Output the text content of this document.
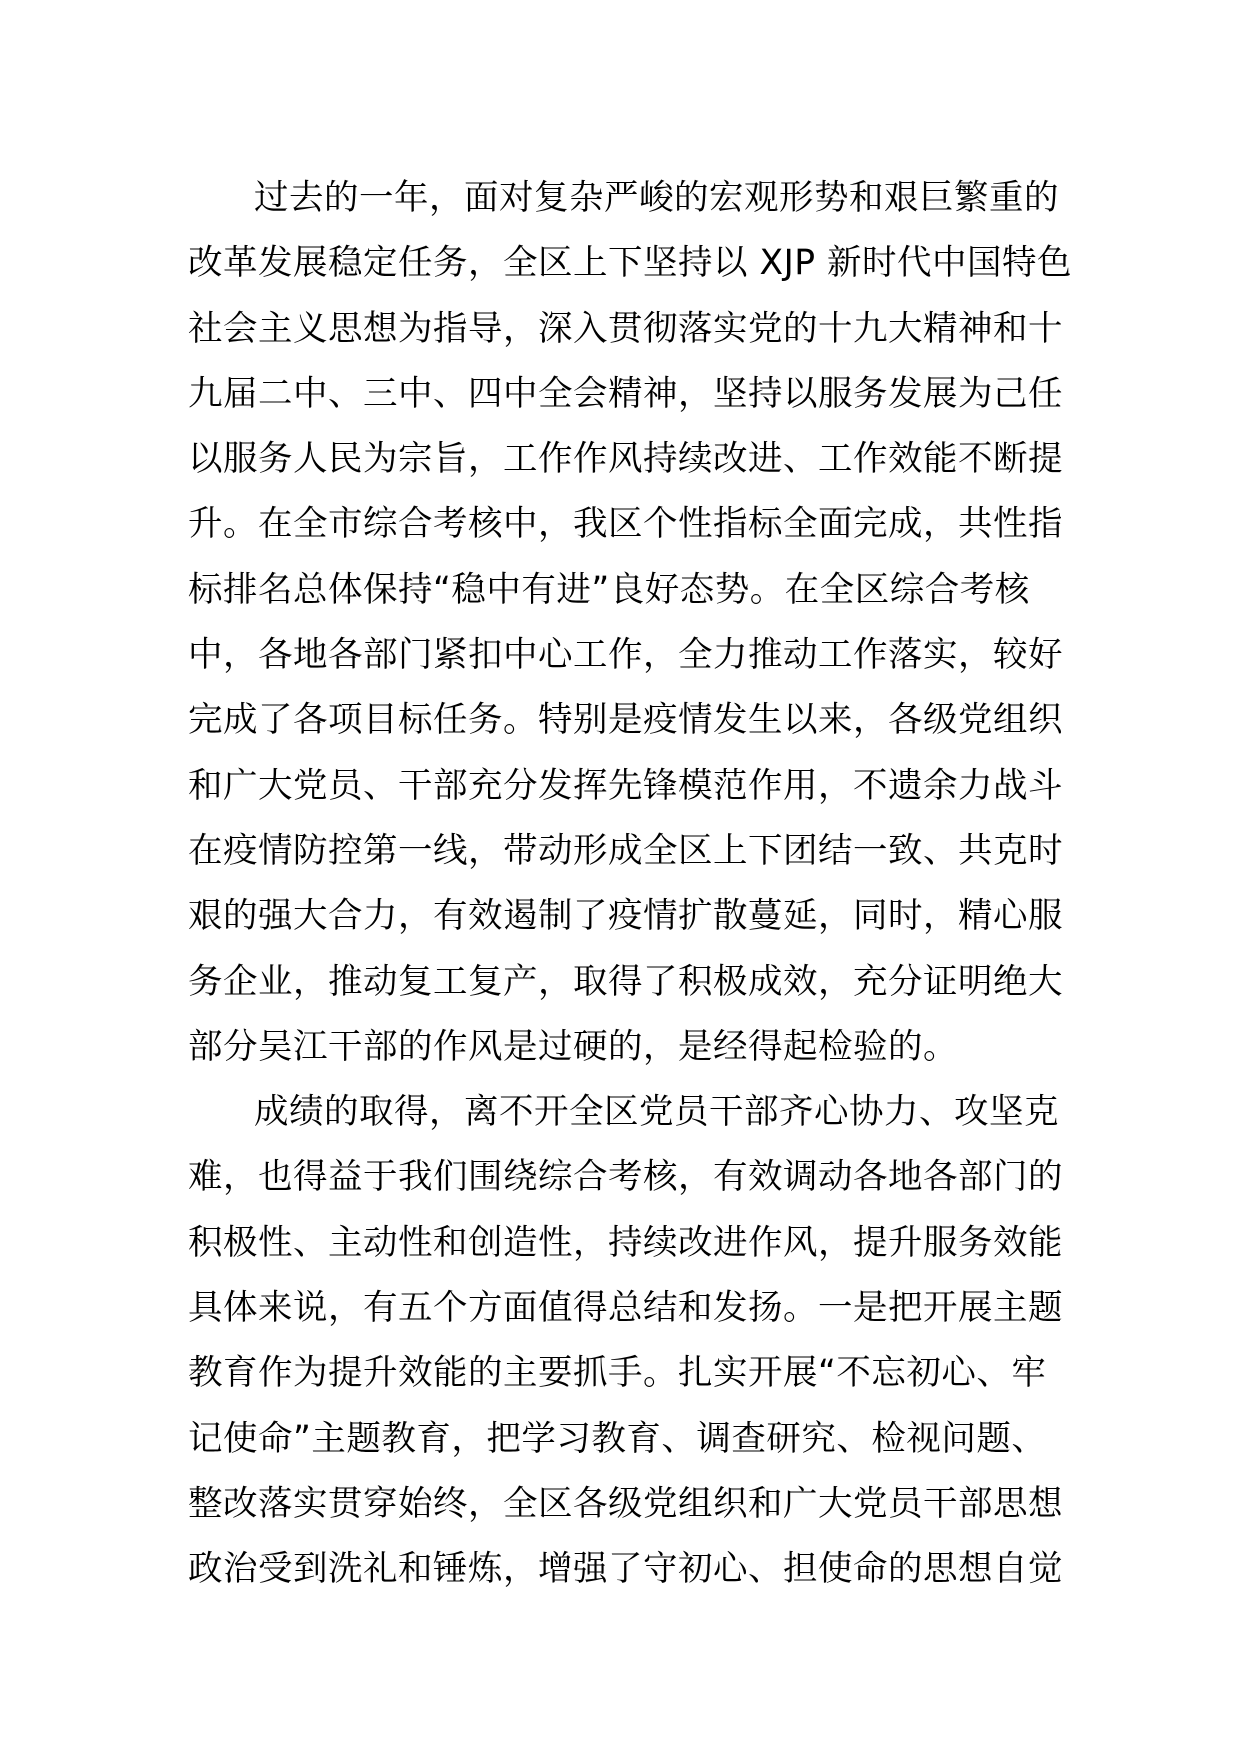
过去的一年，面对复杂严峻的宏观形势和艰巨繁重的
改革发展稳定任务，全区上下坚持以 XJP 新时代中国特色
社会主义思想为指导，深入贯彻落实党的十九大精神和十
九届二中、三中、四中全会精神，坚持以服务发展为己任
以服务人民为宗旨，工作作风持续改进、工作效能不断提
升。在全市综合考核中，我区个性指标全面完成，共性指
标排名总体保持“稳中有进”良好态势。在全区综合考核
中，各地各部门紧扣中心工作，全力推动工作落实，较好
完成了各项目标任务。特别是疫情发生以来，各级党组织
和广大党员、干部充分发挥先锋模范作用，不遗余力战斗
在疫情防控第一线，带动形成全区上下团结一致、共克时
艰的强大合力，有效遏制了疫情扩散蔓延，同时，精心服
务企业，推动复工复产，取得了积极成效，充分证明绝大
部分吴江干部的作风是过硬的，是经得起检验的。
成绩的取得，离不开全区党员干部齐心协力、攻坚克
难，也得益于我们围绕综合考核，有效调动各地各部门的
积极性、主动性和创造性，持续改进作风，提升服务效能
具体来说，有五个方面值得总结和发扬。一是把开展主题
教育作为提升效能的主要抓手。扎实开展“不忘初心、牢
记使命”主题教育，把学习教育、调查研究、检视问题、
整改落实贯穿始终，全区各级党组织和广大党员干部思想
政治受到洗礼和锤炼，增强了守初心、担使命的思想自觉
